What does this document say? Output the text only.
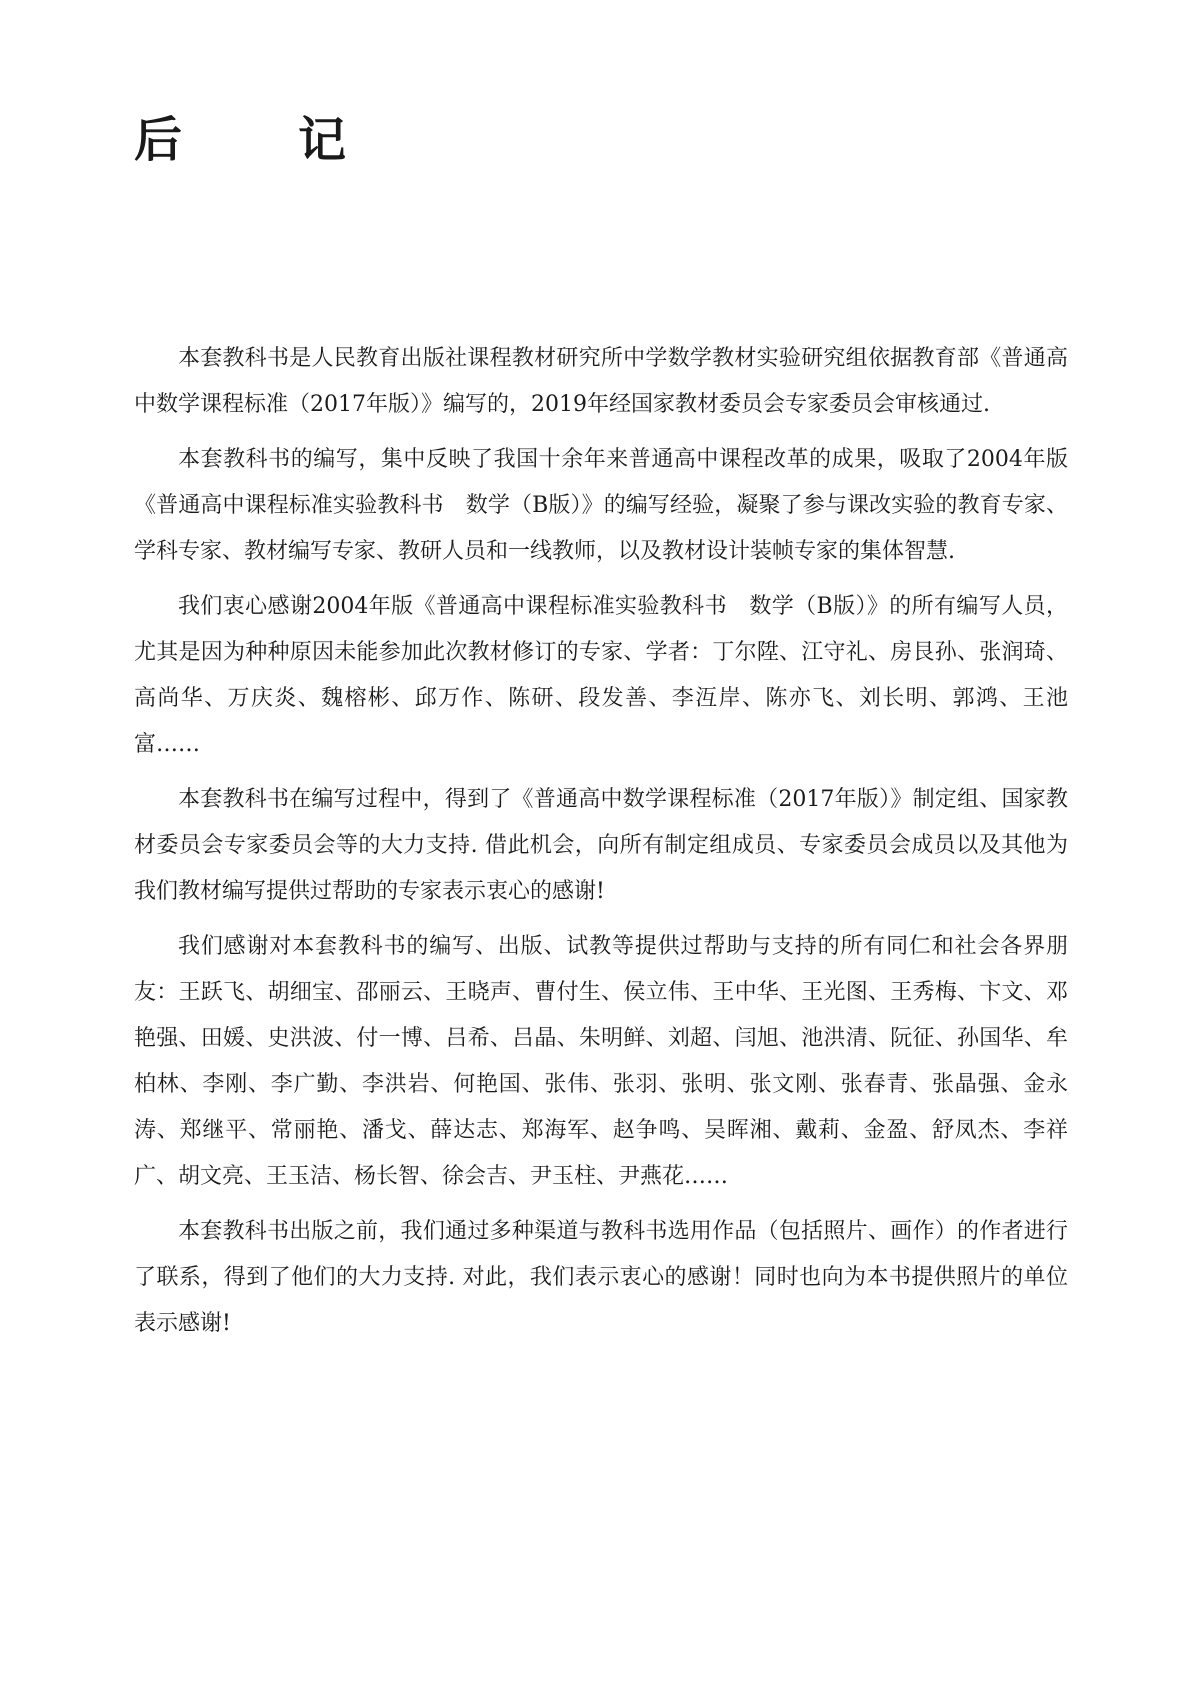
后　记

本套教科书是人民教育出版社课程教材研究所中学数学教材实验研究组依据教育部《普通高中数学课程标准（2017年版）》编写的，2019年经国家教材委员会专家委员会审核通过.

本套教科书的编写，集中反映了我国十余年来普通高中课程改革的成果，吸取了2004年版《普通高中课程标准实验教科书　数学（B版）》的编写经验，凝聚了参与课改实验的教育专家、学科专家、教材编写专家、教研人员和一线教师，以及教材设计装帧专家的集体智慧.

我们衷心感谢2004年版《普通高中课程标准实验教科书　数学（B版）》的所有编写人员，尤其是因为种种原因未能参加此次教材修订的专家、学者：丁尔陞、江守礼、房艮孙、张润琦、高尚华、万庆炎、魏榕彬、邱万作、陈研、段发善、李沍岸、陈亦飞、刘长明、郭鸿、王池富……

本套教科书在编写过程中，得到了《普通高中数学课程标准（2017年版）》制定组、国家教材委员会专家委员会等的大力支持. 借此机会，向所有制定组成员、专家委员会成员以及其他为我们教材编写提供过帮助的专家表示衷心的感谢!

我们感谢对本套教科书的编写、出版、试教等提供过帮助与支持的所有同仁和社会各界朋友：王跃飞、胡细宝、邵丽云、王晓声、曹付生、侯立伟、王中华、王光图、王秀梅、卞文、邓艳强、田媛、史洪波、付一博、吕希、吕晶、朱明鲜、刘超、闫旭、池洪清、阮征、孙国华、牟柏林、李刚、李广勤、李洪岩、何艳国、张伟、张羽、张明、张文刚、张春青、张晶强、金永涛、郑继平、常丽艳、潘戈、薛达志、郑海军、赵争鸣、吴晖湘、戴莉、金盈、舒凤杰、李祥广、胡文亮、王玉洁、杨长智、徐会吉、尹玉柱、尹燕花……

本套教科书出版之前，我们通过多种渠道与教科书选用作品（包括照片、画作）的作者进行了联系，得到了他们的大力支持. 对此，我们表示衷心的感谢！同时也向为本书提供照片的单位表示感谢!
